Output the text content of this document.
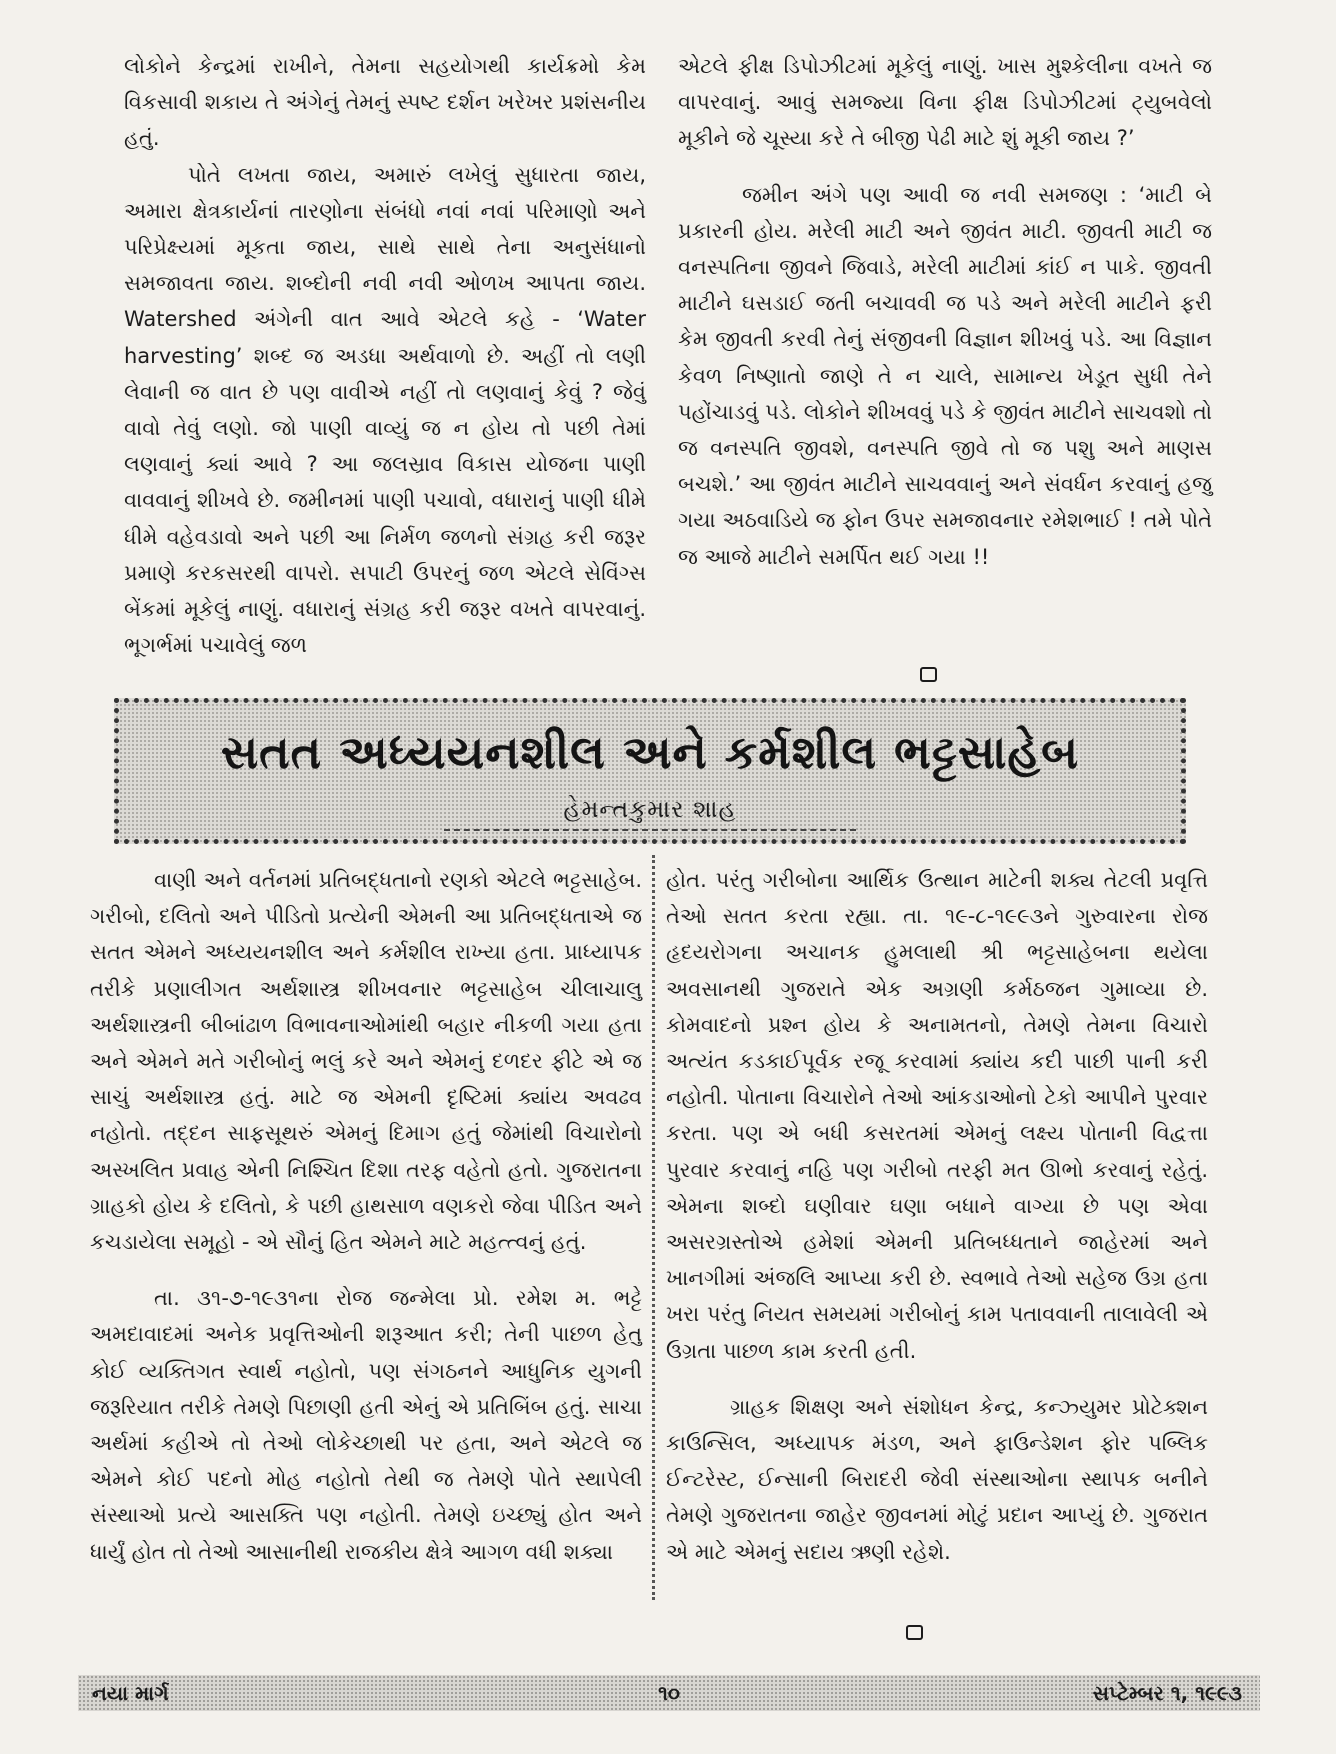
લોકોને કેન્દ્રમાં રાખીને, તેમના સહયોગથી કાર્યક્રમો કેમ વિકસાવી શકાય તે અંગેનું તેમનું સ્પષ્ટ દર્શન ખરેખર પ્રશંસનીય હતું.

પોતે લખતા જાય, અમારું લખેલું સુધારતા જાય, અમારા ક્ષેત્રકાર્યનાં તારણોના સંબંધો નવાં નવાં પરિમાણો અને પરિપ્રેક્ષ્યમાં મૂકતા જાય, સાથે સાથે તેના અનુસંધાનો સમજાવતા જાય. શબ્દોની નવી નવી ઓળખ આપતા જાય. Watershed અંગેની વાત આવે એટલે કહે - ‘Water harvesting’ શબ્દ જ અડધા અર્થવાળો છે. અહીં તો લણી લેવાની જ વાત છે પણ વાવીએ નહીં તો લણવાનું કેવું ? જેવું વાવો તેવું લણો. જો પાણી વાવ્યું જ ન હોય તો પછી તેમાં લણવાનું ક્યાં આવે ? આ જલસ્રાવ વિકાસ યોજના પાણી વાવવાનું શીખવે છે. જમીનમાં પાણી પચાવો, વધારાનું પાણી ધીમે ધીમે વહેવડાવો અને પછી આ નિર્મળ જળનો સંગ્રહ કરી જરૂર પ્રમાણે કરકસરથી વાપરો. સપાટી ઉપરનું જળ એટલે સેવિંગ્સ બેંકમાં મૂકેલું નાણું. વધારાનું સંગ્રહ કરી જરૂર વખતે વાપરવાનું. ભૂગર્ભમાં પચાવેલું જળ

એટલે ફીક્ષ ડિપોઝીટમાં મૂકેલું નાણું. ખાસ મુશ્કેલીના વખતે જ વાપરવાનું. આવું સમજ્યા વિના ફીક્ષ ડિપોઝીટમાં ટ્યુબવેલો મૂકીને જે ચૂસ્યા કરે તે બીજી પેઢી માટે શું મૂકી જાય ?’

જમીન અંગે પણ આવી જ નવી સમજણ : ‘માટી બે પ્રકારની હોય. મરેલી માટી અને જીવંત માટી. જીવતી માટી જ વનસ્પતિના જીવને જિવાડે, મરેલી માટીમાં કાંઈ ન પાકે. જીવતી માટીને ઘસડાઈ જતી બચાવવી જ પડે અને મરેલી માટીને ફરી કેમ જીવતી કરવી તેનું સંજીવની વિજ્ઞાન શીખવું પડે. આ વિજ્ઞાન કેવળ નિષ્ણાતો જાણે તે ન ચાલે, સામાન્ય ખેડૂત સુધી તેને પહોંચાડવું પડે. લોકોને શીખવવું પડે કે જીવંત માટીને સાચવશો તો જ વનસ્પતિ જીવશે, વનસ્પતિ જીવે તો જ પશુ અને માણસ બચશે.’ આ જીવંત માટીને સાચવવાનું અને સંવર્ધન કરવાનું હજુ ગયા અઠવાડિયે જ ફોન ઉપર સમજાવનાર રમેશભાઈ ! તમે પોતે જ આજે માટીને સમર્પિત થઈ ગયા !!

સતત અધ્યયનશીલ અને કર્મશીલ ભટ્ટસાહેબ
હેમન્તકુમાર શાહ

વાણી અને વર્તનમાં પ્રતિબદ્ધતાનો રણકો એટલે ભટ્ટસાહેબ. ગરીબો, દલિતો અને પીડિતો પ્રત્યેની એમની આ પ્રતિબદ્ધતાએ જ સતત એમને અધ્યયનશીલ અને કર્મશીલ રાખ્યા હતા. પ્રાધ્યાપક તરીકે પ્રણાલીગત અર્થશાસ્ત્ર શીખવનાર ભટ્ટસાહેબ ચીલાચાલુ અર્થશાસ્ત્રની બીબાંઢાળ વિભાવનાઓમાંથી બહાર નીકળી ગયા હતા અને એમને મતે ગરીબોનું ભલું કરે અને એમનું દળદર ફીટે એ જ સાચું અર્થશાસ્ત્ર હતું. માટે જ એમની દૃષ્ટિમાં ક્યાંય અવઢવ નહોતો. તદ્દન સાફસૂથરું એમનું દિમાગ હતું જેમાંથી વિચારોનો અસ્ખલિત પ્રવાહ એની નિશ્ચિત દિશા તરફ વહેતો હતો. ગુજરાતના ગ્રાહકો હોય કે દલિતો, કે પછી હાથસાળ વણકરો જેવા પીડિત અને કચડાયેલા સમૂહો - એ સૌનું હિત એમને માટે મહત્ત્વનું હતું.

તા. ૩૧-૭-૧૯૩૧ના રોજ જન્મેલા પ્રો. રમેશ મ. ભટ્ટે અમદાવાદમાં અનેક પ્રવૃત્તિઓની શરૂઆત કરી; તેની પાછળ હેતુ કોઈ વ્યક્તિગત સ્વાર્થ નહોતો, પણ સંગઠનને આધુનિક યુગની જરૂરિયાત તરીકે તેમણે પિછાણી હતી એનું એ પ્રતિબિંબ હતું. સાચા અર્થમાં કહીએ તો તેઓ લોકેચ્છાથી પર હતા, અને એટલે જ એમને કોઈ પદનો મોહ નહોતો તેથી જ તેમણે પોતે સ્થાપેલી સંસ્થાઓ પ્રત્યે આસક્તિ પણ નહોતી. તેમણે ઇચ્છ્યું હોત અને ધાર્યું હોત તો તેઓ આસાનીથી રાજકીય ક્ષેત્રે આગળ વધી શક્યા

હોત. પરંતુ ગરીબોના આર્થિક ઉત્થાન માટેની શક્ય તેટલી પ્રવૃત્તિ તેઓ સતત કરતા રહ્યા. તા. ૧૯-૮-૧૯૯૩ને ગુરુવારના રોજ હૃદયરોગના અચાનક હુમલાથી શ્રી ભટ્ટસાહેબના થયેલા અવસાનથી ગુજરાતે એક અગ્રણી કર્મઠજન ગુમાવ્યા છે. કોમવાદનો પ્રશ્ન હોય કે અનામતનો, તેમણે તેમના વિચારો અત્યંત કડકાઈપૂર્વક રજૂ કરવામાં ક્યાંય કદી પાછી પાની કરી નહોતી. પોતાના વિચારોને તેઓ આંકડાઓનો ટેકો આપીને પુરવાર કરતા. પણ એ બધી કસરતમાં એમનું લક્ષ્ય પોતાની વિદ્વત્તા પુરવાર કરવાનું નહિ પણ ગરીબો તરફી મત ઊભો કરવાનું રહેતું. એમના શબ્દો ઘણીવાર ઘણા બધાને વાગ્યા છે પણ એવા અસરગ્રસ્તોએ હમેશાં એમની પ્રતિબધ્ધતાને જાહેરમાં અને ખાનગીમાં અંજલિ આપ્યા કરી છે. સ્વભાવે તેઓ સહેજ ઉગ્ર હતા ખરા પરંતુ નિયત સમયમાં ગરીબોનું કામ પતાવવાની તાલાવેલી એ ઉગ્રતા પાછળ કામ કરતી હતી.

ગ્રાહક શિક્ષણ અને સંશોધન કેન્દ્ર, કન્ઝ્યુમર પ્રોટેક્શન કાઉન્સિલ, અધ્યાપક મંડળ, અને ફાઉન્ડેશન ફોર પબ્લિક ઈન્ટરેસ્ટ, ઈન્સાની બિરાદરી જેવી સંસ્થાઓના સ્થાપક બનીને તેમણે ગુજરાતના જાહેર જીવનમાં મોટું પ્રદાન આપ્યું છે. ગુજરાત એ માટે એમનું સદાય ઋણી રહેશે.

નયા માર્ગ	૧૦	સપ્ટેમ્બર ૧, ૧૯૯૩
